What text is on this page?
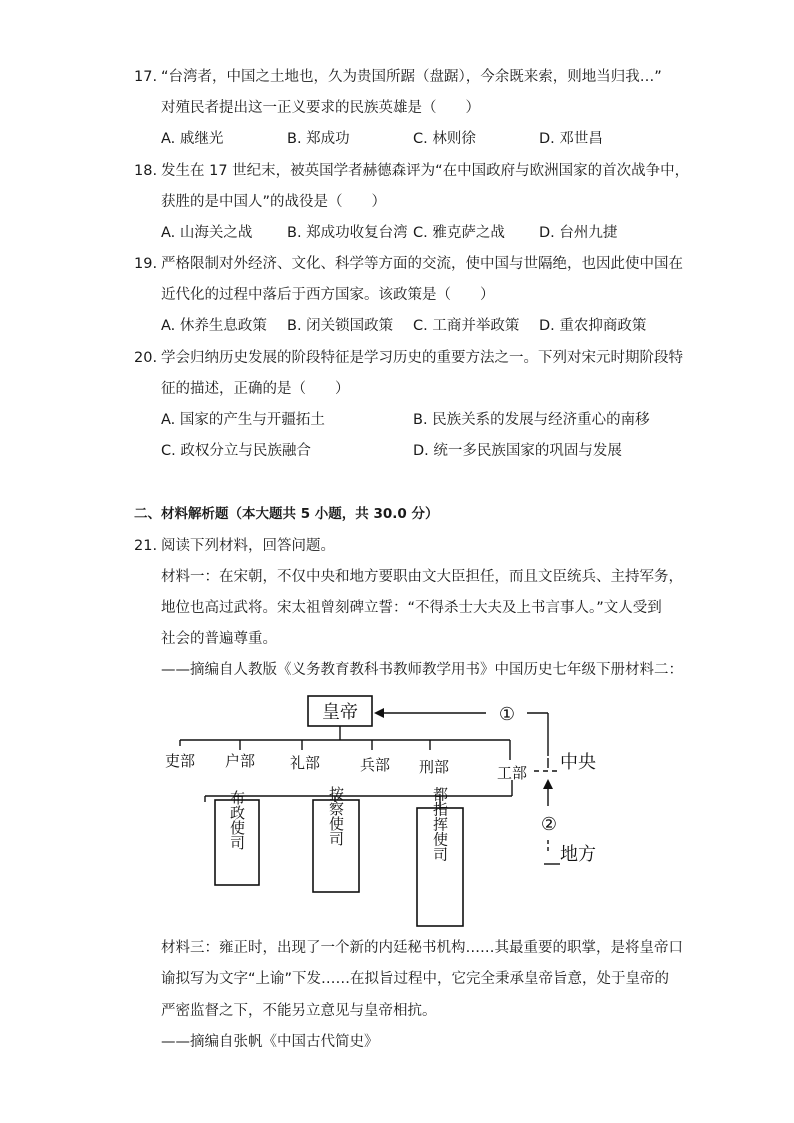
17. “台湾者，中国之土地也，久为贵国所踞（盘踞），今余既来索，则地当归我…”
对殖民者提出这一正义要求的民族英雄是（　　）
A. 戚继光	B. 郑成功	C. 林则徐	D. 邓世昌
18. 发生在 17 世纪末，被英国学者赫德森评为“在中国政府与欧洲国家的首次战争中，
获胜的是中国人”的战役是（　　）
A. 山海关之战 B. 郑成功收复台湾 C. 雅克萨之战 D. 台州九捷
19. 严格限制对外经济、文化、科学等方面的交流，使中国与世隔绝，也因此使中国在
近代化的过程中落后于西方国家。该政策是（　　）
A. 休养生息政策 B. 闭关锁国政策 C. 工商并举政策 D. 重农抑商政策
20. 学会归纳历史发展的阶段特征是学习历史的重要方法之一。下列对宋元时期阶段特
征的描述，正确的是（　　）
A. 国家的产生与开疆拓土	B. 民族关系的发展与经济重心的南移
C. 政权分立与民族融合	D. 统一多民族国家的巩固与发展
二、材料解析题（本大题共 5 小题，共 30.0 分）
21. 阅读下列材料，回答问题。
材料一：在宋朝，不仅中央和地方要职由文大臣担任，而且文臣统兵、主持军务，
地位也高过武将。宋太祖曾刻碑立誓：“不得杀士大夫及上书言事人。”文人受到
社会的普遍尊重。
——摘编自人教版《义务教育教科书教师教学用书》中国历史七年级下册材料二：
皇帝	①
吏部 户部 礼部	兵部 刑部	工部 中央
②
地方
布政使司	按察使司	都指挥使司
材料三：雍正时，出现了一个新的内廷秘书机构……其最重要的职掌，是将皇帝口
谕拟写为文字“上谕”下发……在拟旨过程中，它完全秉承皇帝旨意，处于皇帝的
严密监督之下，不能另立意见与皇帝相抗。
——摘编自张帆《中国古代简史》
